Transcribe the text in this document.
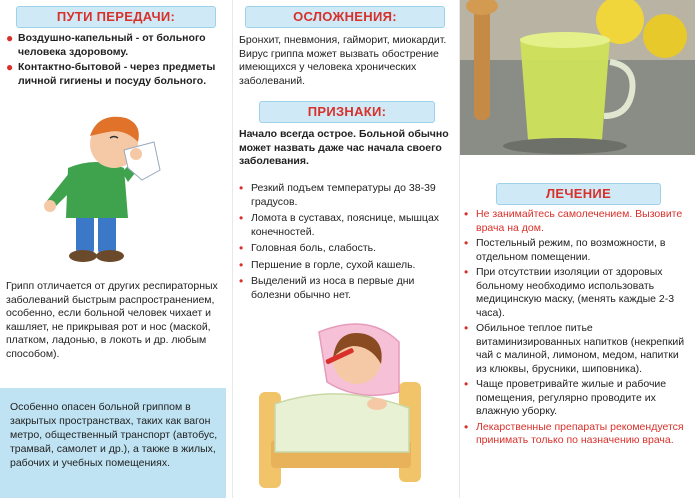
ПУТИ ПЕРЕДАЧИ:
● Воздушно-капельный - от больного человека здоровому.
● Контактно-бытовой - через предметы личной гигиены и посуду больного.
Грипп отличается от других респираторных заболеваний быстрым распространением, особенно, если больной человек чихает и кашляет, не прикрывая рот и нос (маской, платком, ладонью, в локоть и др. любым способом).
Особенно опасен больной гриппом в закрытых пространствах, таких как вагон метро, общественный транспорт (автобус, трамвай, самолет и др.), а также в жилых, рабочих и учебных помещениях.
ОСЛОЖНЕНИЯ:
Бронхит, пневмония, гайморит, миокардит. Вирус гриппа может вызвать обострение имеющихся у человека хронических заболеваний.
ПРИЗНАКИ:
Начало всегда острое. Больной обычно может назвать даже час начала своего заболевания.
• Резкий подъем температуры до 38-39 градусов.
• Ломота в суставах, пояснице, мышцах конечностей.
• Головная боль, слабость.
• Першение в горле, сухой кашель.
• Выделений из носа в первые дни болезни обычно нет.
ЛЕЧЕНИЕ
• Не занимайтесь самолечением. Вызовите врача на дом.
• Постельный режим, по возможности, в отдельном помещении.
• При отсутствии изоляции от здоровых больному необходимо использовать медицинскую маску, (менять каждые 2-3 часа).
• Обильное теплое питье витаминизированных напитков (некрепкий чай с малиной, лимоном, медом, напитки из клюквы, брусники, шиповника).
• Чаще проветривайте жилые и рабочие помещения, регулярно проводите их влажную уборку.
• Лекарственные препараты рекомендуется принимать только по назначению врача.
